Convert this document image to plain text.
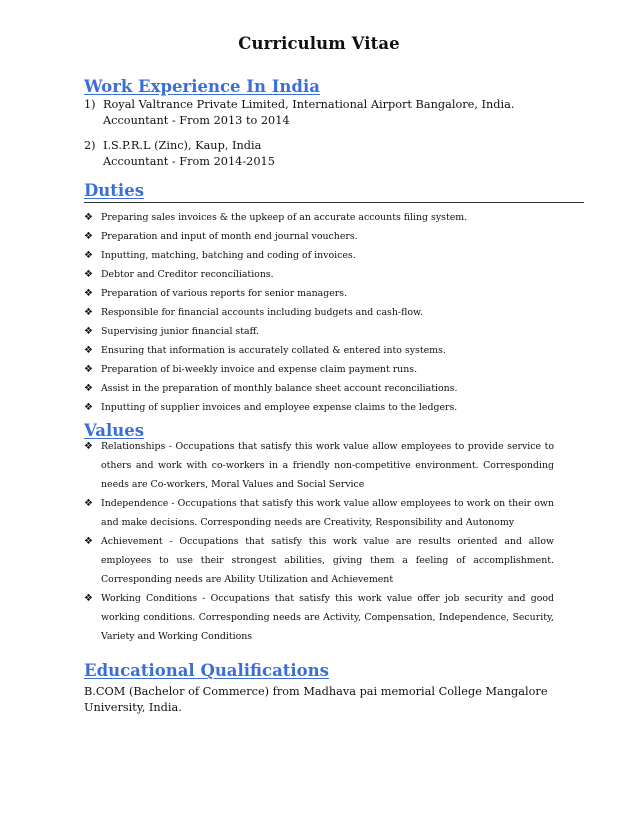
Curriculum Vitae
Work Experience In India
1) Royal Valtrance Private Limited, International Airport Bangalore, India.
Accountant - From 2013 to 2014
2) I.S.P.R.L (Zinc), Kaup, India
Accountant - From 2014-2015
Duties
❖ Preparing sales invoices & the upkeep of an accurate accounts filing system.
❖ Preparation and input of month end journal vouchers.
❖ Inputting, matching, batching and coding of invoices.
❖ Debtor and Creditor reconciliations.
❖ Preparation of various reports for senior managers.
❖ Responsible for financial accounts including budgets and cash-flow.
❖ Supervising junior financial staff.
❖ Ensuring that information is accurately collated & entered into systems.
❖ Preparation of bi-weekly invoice and expense claim payment runs.
❖ Assist in the preparation of monthly balance sheet account reconciliations.
❖ Inputting of supplier invoices and employee expense claims to the ledgers.
Values
❖ Relationships - Occupations that satisfy this work value allow employees to provide service to others and work with co-workers in a friendly non-competitive environment. Corresponding needs are Co-workers, Moral Values and Social Service
❖ Independence - Occupations that satisfy this work value allow employees to work on their own and make decisions. Corresponding needs are Creativity, Responsibility and Autonomy
❖ Achievement - Occupations that satisfy this work value are results oriented and allow employees to use their strongest abilities, giving them a feeling of accomplishment. Corresponding needs are Ability Utilization and Achievement
❖ Working Conditions - Occupations that satisfy this work value offer job security and good working conditions. Corresponding needs are Activity, Compensation, Independence, Security, Variety and Working Conditions
Educational Qualifications
B.COM (Bachelor of Commerce) from Madhava pai memorial College Mangalore University, India.
